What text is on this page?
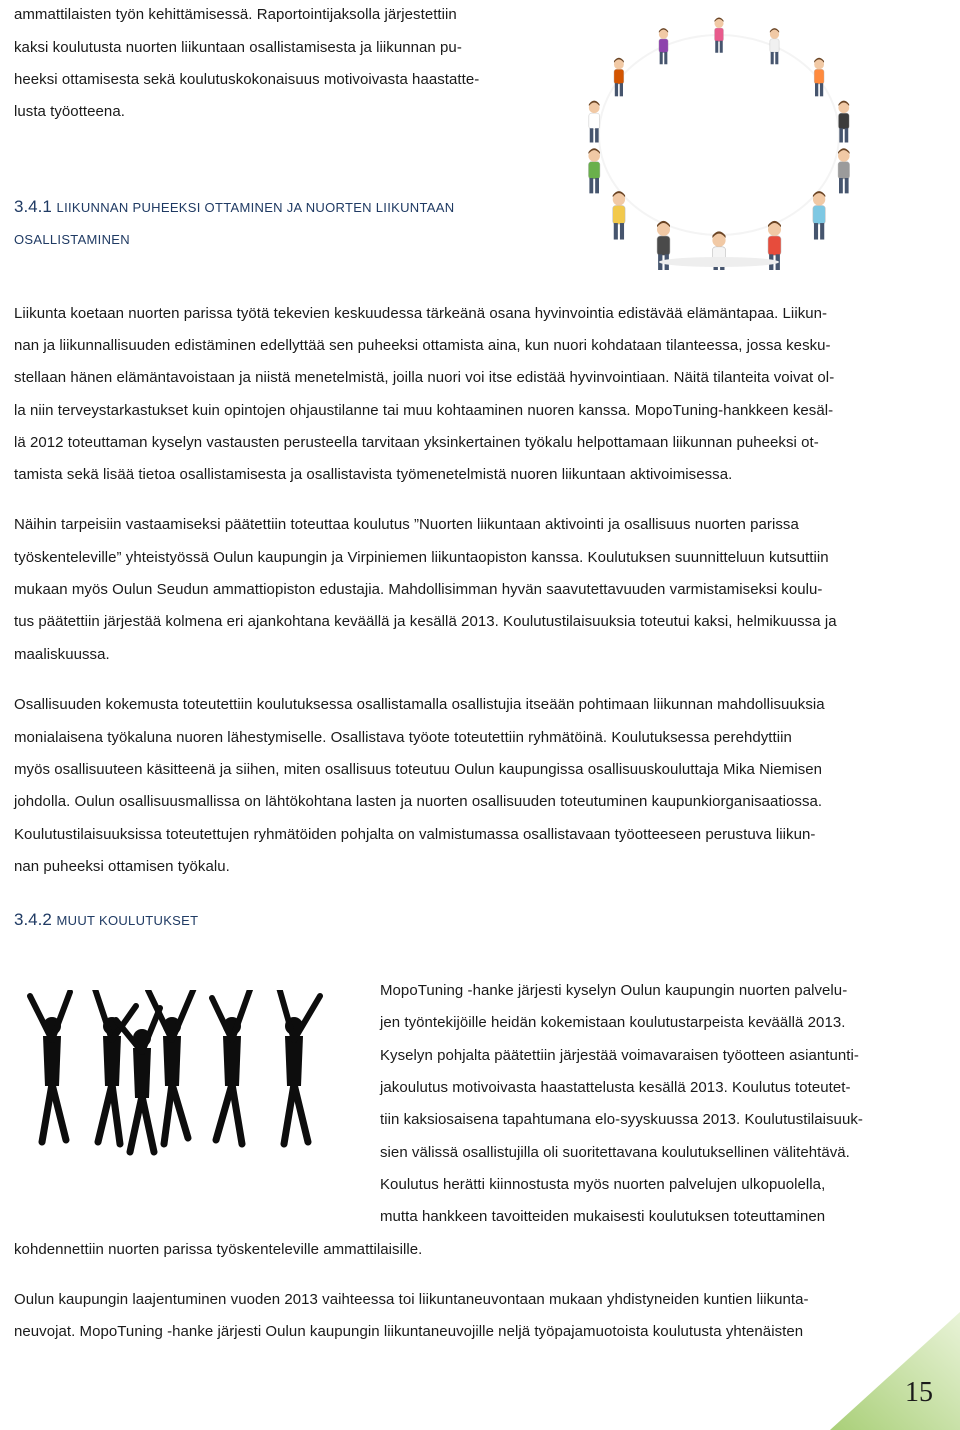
ammattilaisten työn kehittämisessä. Raportointijaksolla järjestettiin

kaksi koulutusta nuorten liikuntaan osallistamisesta ja liikunnan pu-

heeksi ottamisesta sekä koulutuskokonaisuus motivoivasta haastatte-

lusta työotteena.

3.4.1 LIIKUNNAN PUHEEKSI OTTAMINEN JA NUORTEN LIIKUNTAAN
OSALLISTAMINEN

Liikunta koetaan nuorten parissa työtä tekevien keskuudessa tärkeänä osana hyvinvointia edistävää elämäntapaa. Liikun-

nan ja liikunnallisuuden edistäminen edellyttää sen puheeksi ottamista aina, kun nuori kohdataan tilanteessa, jossa kesku-

stellaan hänen elämäntavoistaan ja niistä menetelmistä, joilla nuori voi itse edistää hyvinvointiaan. Näitä tilanteita voivat ol-

la niin terveystarkastukset kuin opintojen ohjaustilanne tai muu kohtaaminen nuoren kanssa. MopoTuning-hankkeen kesäl-

lä 2012 toteuttaman kyselyn vastausten perusteella tarvitaan yksinkertainen työkalu helpottamaan liikunnan puheeksi ot-

tamista sekä lisää tietoa osallistamisesta ja osallistavista työmenetelmistä nuoren liikuntaan aktivoimisessa.

Näihin tarpeisiin vastaamiseksi päätettiin toteuttaa koulutus ”Nuorten liikuntaan aktivointi ja osallisuus nuorten parissa

työskenteleville” yhteistyössä Oulun kaupungin ja Virpiniemen liikuntaopiston kanssa. Koulutuksen suunnitteluun kutsuttiin

mukaan myös Oulun Seudun ammattiopiston edustajia. Mahdollisimman hyvän saavutettavuuden varmistamiseksi koulu-

tus päätettiin järjestää kolmena eri ajankohtana keväällä ja kesällä 2013. Koulutustilaisuuksia toteutui kaksi, helmikuussa ja

maaliskuussa.

Osallisuuden kokemusta toteutettiin koulutuksessa osallistamalla osallistujia itseään pohtimaan liikunnan mahdollisuuksia

monialaisena työkaluna nuoren lähestymiselle. Osallistava työote toteutettiin ryhmätöinä. Koulutuksessa perehdyttiin

myös osallisuuteen käsitteenä ja siihen, miten osallisuus toteutuu Oulun kaupungissa osallisuuskouluttaja Mika Niemisen

johdolla. Oulun osallisuusmallissa on lähtökohtana lasten ja nuorten osallisuuden toteutuminen kaupunkiorganisaatiossa.

Koulutustilaisuuksissa toteutettujen ryhmätöiden pohjalta on valmistumassa osallistavaan työotteeseen perustuva liikun-

nan puheeksi ottamisen työkalu.

3.4.2 MUUT KOULUTUKSET

MopoTuning -hanke järjesti kyselyn Oulun kaupungin nuorten palvelu-

jen työntekijöille heidän kokemistaan koulutustarpeista keväällä 2013.

Kyselyn pohjalta päätettiin järjestää voimavaraisen työotteen asiantunti-

jakoulutus motivoivasta haastattelusta kesällä 2013. Koulutus toteutet-

tiin kaksiosaisena tapahtumana elo-syyskuussa 2013. Koulutustilaisuuk-

sien välissä osallistujilla oli suoritettavana koulutuksellinen välitehtävä.

Koulutus herätti kiinnostusta myös nuorten palvelujen ulkopuolella,

mutta hankkeen tavoitteiden mukaisesti koulutuksen toteuttaminen

kohdennettiin nuorten parissa työskenteleville ammattilaisille.

Oulun kaupungin laajentuminen vuoden 2013 vaihteessa toi liikuntaneuvontaan mukaan yhdistyneiden kuntien liikunta-

neuvojat. MopoTuning -hanke järjesti Oulun kaupungin liikuntaneuvojille neljä työpajamuotoista koulutusta yhtenäisten

15
